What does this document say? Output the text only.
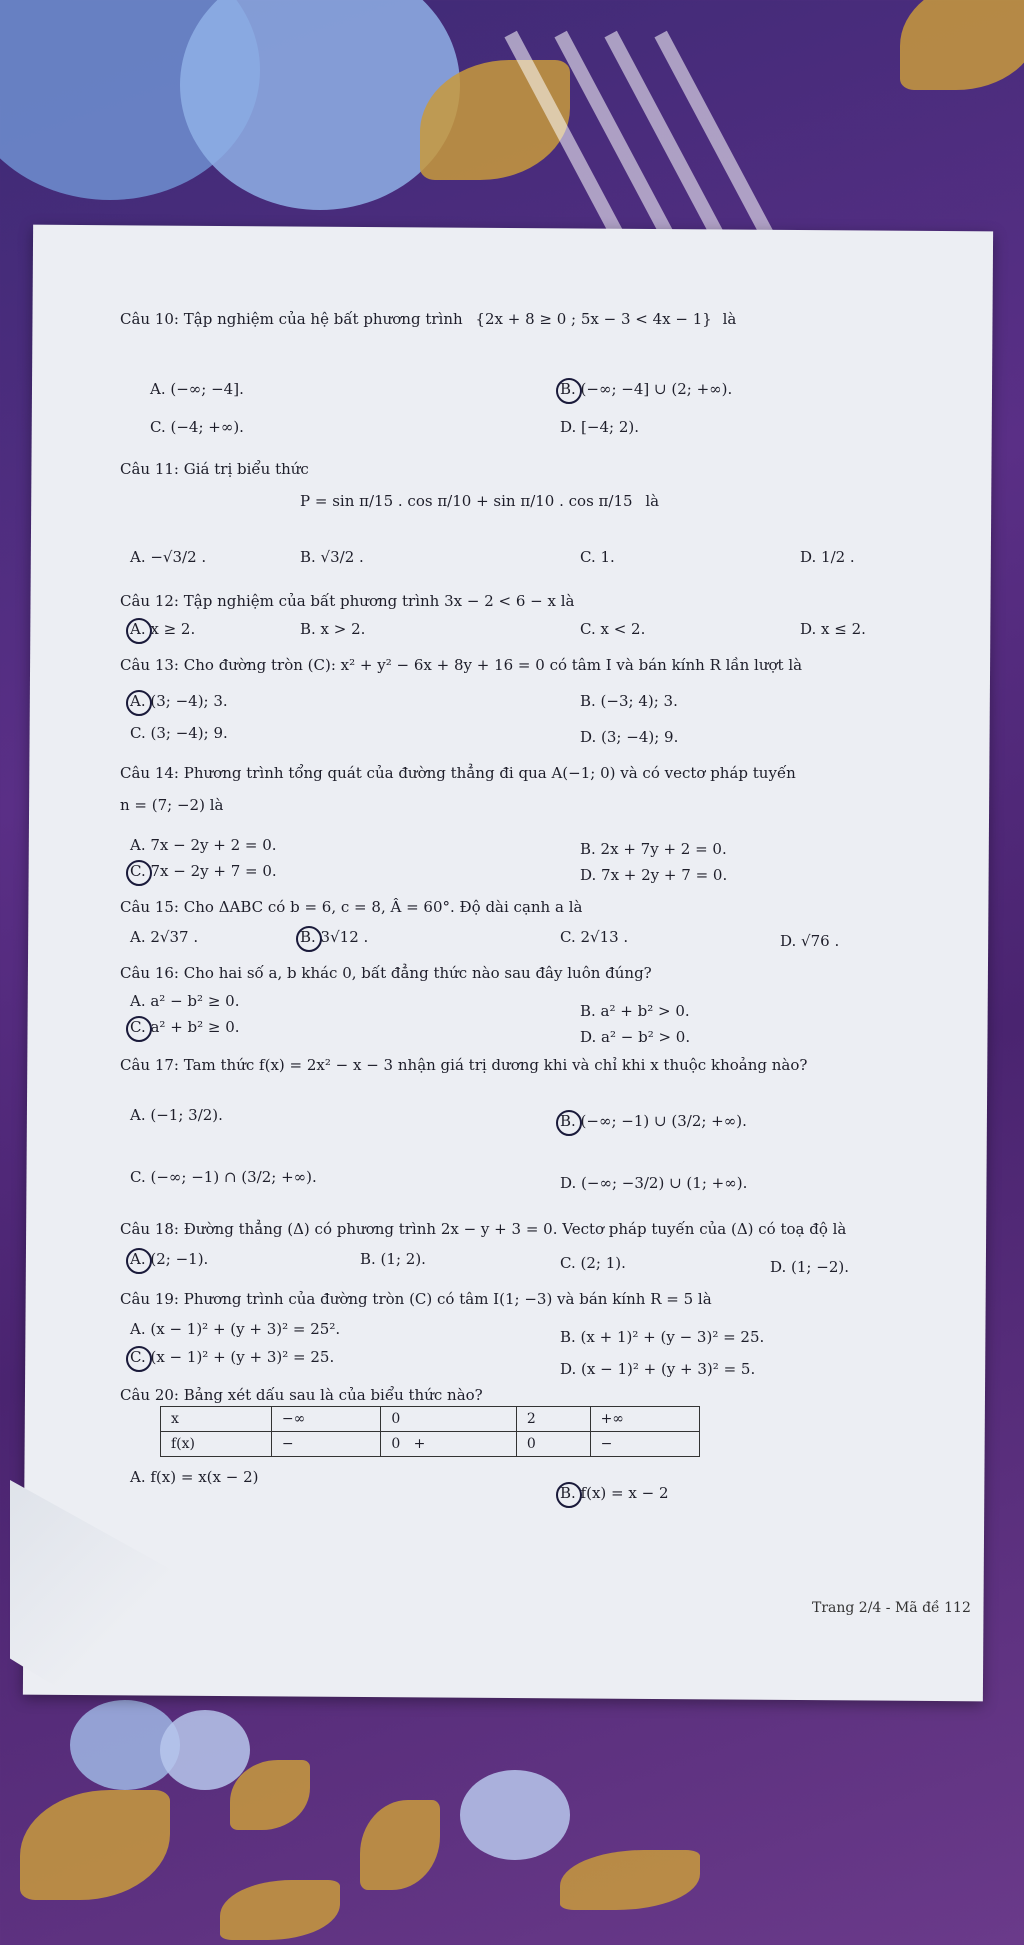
Câu 10: Tập nghiệm của hệ bất phương trình {2x + 8 ≥ 0 ; 5x − 3 < 4x − 1} là
A. (−∞; −4].	B. (−∞; −4] ∪ (2; +∞).
C. (−4; +∞).	D. [−4; 2).
Câu 11: Giá trị biểu thức
P = sin π/15 . cos π/10 + sin π/10 . cos π/15 là
A. −√3/2 .	B. √3/2 .	C. 1.	D. 1/2 .
Câu 12: Tập nghiệm của bất phương trình 3x − 2 < 6 − x là
A. x ≥ 2.	B. x > 2.	C. x < 2.	D. x ≤ 2.
Câu 13: Cho đường tròn (C): x² + y² − 6x + 8y + 16 = 0 có tâm I và bán kính R lần lượt là
A. (3; −4); 3.	B. (−3; 4); 3.
C. (3; −4); 9.	D. (3; −4); 9.
Câu 14: Phương trình tổng quát của đường thẳng đi qua A(−1; 0) và có vectơ pháp tuyến
n = (7; −2) là
A. 7x − 2y + 2 = 0.	B. 2x + 7y + 2 = 0.
C. 7x − 2y + 7 = 0.	D. 7x + 2y + 7 = 0.
Câu 15: Cho ΔABC có b = 6, c = 8, Â = 60°. Độ dài cạnh a là
A. 2√37 .	B. 3√12 .	C. 2√13 .	D. √76 .
Câu 16: Cho hai số a, b khác 0, bất đẳng thức nào sau đây luôn đúng?
A. a² − b² ≥ 0.
B. a² + b² > 0.
C. a² + b² ≥ 0.
D. a² − b² > 0.
Câu 17: Tam thức f(x) = 2x² − x − 3 nhận giá trị dương khi và chỉ khi x thuộc khoảng nào?
A. (−1; 3/2).	B. (−∞; −1) ∪ (3/2; +∞).
C. (−∞; −1) ∩ (3/2; +∞).	D. (−∞; −3/2) ∪ (1; +∞).
Câu 18: Đường thẳng (Δ) có phương trình 2x − y + 3 = 0. Vectơ pháp tuyến của (Δ) có toạ độ là
A. (2; −1).	B. (1; 2).	C. (2; 1).	D. (1; −2).
Câu 19: Phương trình của đường tròn (C) có tâm I(1; −3) và bán kính R = 5 là
A. (x − 1)² + (y + 3)² = 25².	B. (x + 1)² + (y − 3)² = 25.
C. (x − 1)² + (y + 3)² = 25.
D. (x − 1)² + (y + 3)² = 5.
Câu 20: Bảng xét dấu sau là của biểu thức nào?
x	−∞	0	2	+∞
f(x)	−	0 +	0	−
A. f(x) = x(x − 2)
B. f(x) = x − 2
Trang 2/4 - Mã đề 112
